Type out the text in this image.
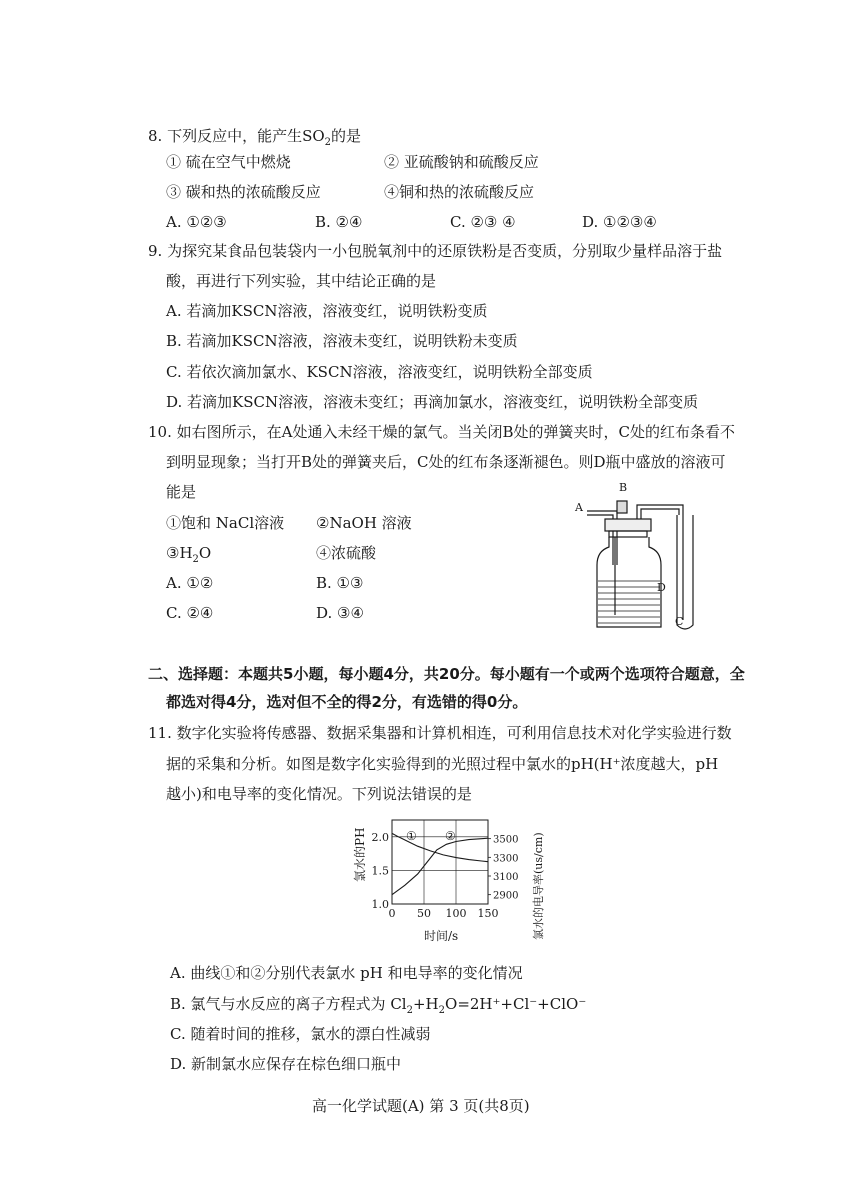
8. 下列反应中，能产生$SO_2$的是
① 硫在空气中燃烧	② 亚硫酸钠和硫酸反应
③ 碳和热的浓硫酸反应	④铜和热的浓硫酸反应
A. ①②③	B. ②④	C. ②③ ④	D. ①②③④
9. 为探究某食品包装袋内一小包脱氧剂中的还原铁粉是否变质，分别取少量样品溶于盐
酸，再进行下列实验，其中结论正确的是
A. 若滴加KSCN溶液，溶液变红，说明铁粉变质
B. 若滴加KSCN溶液，溶液未变红，说明铁粉未变质
C. 若依次滴加氯水、KSCN溶液，溶液变红，说明铁粉全部变质
D. 若滴加KSCN溶液，溶液未变红；再滴加氯水，溶液变红，说明铁粉全部变质
10. 如右图所示，在A处通入未经干燥的氯气。当关闭B处的弹簧夹时，C处的红布条看不
到明显现象；当打开B处的弹簧夹后，C处的红布条逐渐褪色。则D瓶中盛放的溶液可
能是
①饱和 NaCl溶液 ②NaOH 溶液
$③H_2O$	④浓硫酸
A. ①②	B. ①③
C. ②④	D. ③④
A
B
D
C
二、选择题：本题共5小题，每小题4分，共20分。每小题有一个或两个选项符合题意，全
都选对得4分，选对但不全的得2分，有选错的得0分。
11. 数字化实验将传感器、数据采集器和计算机相连，可利用信息技术对化学实验进行数
据的采集和分析。如图是数字化实验得到的光照过程中氯水的pH(H⁺浓度越大，pH
越小)和电导率的变化情况。下列说法错误的是
0 50 100 150
1.0
1.5
2.0
2900
3100
3300
3500
① ②
时间/s
氯水的PH	氯水的电导率(us/cm)
A. 曲线①和②分别代表氯水 pH 和电导率的变化情况
B. 氯气与水反应的离子方程式为 $Cl_2+H_2O=2H^++Cl^-+ClO^-$
C. 随着时间的推移，氯水的漂白性减弱
D. 新制氯水应保存在棕色细口瓶中
高一化学试题(A) 第 3 页(共8页)
